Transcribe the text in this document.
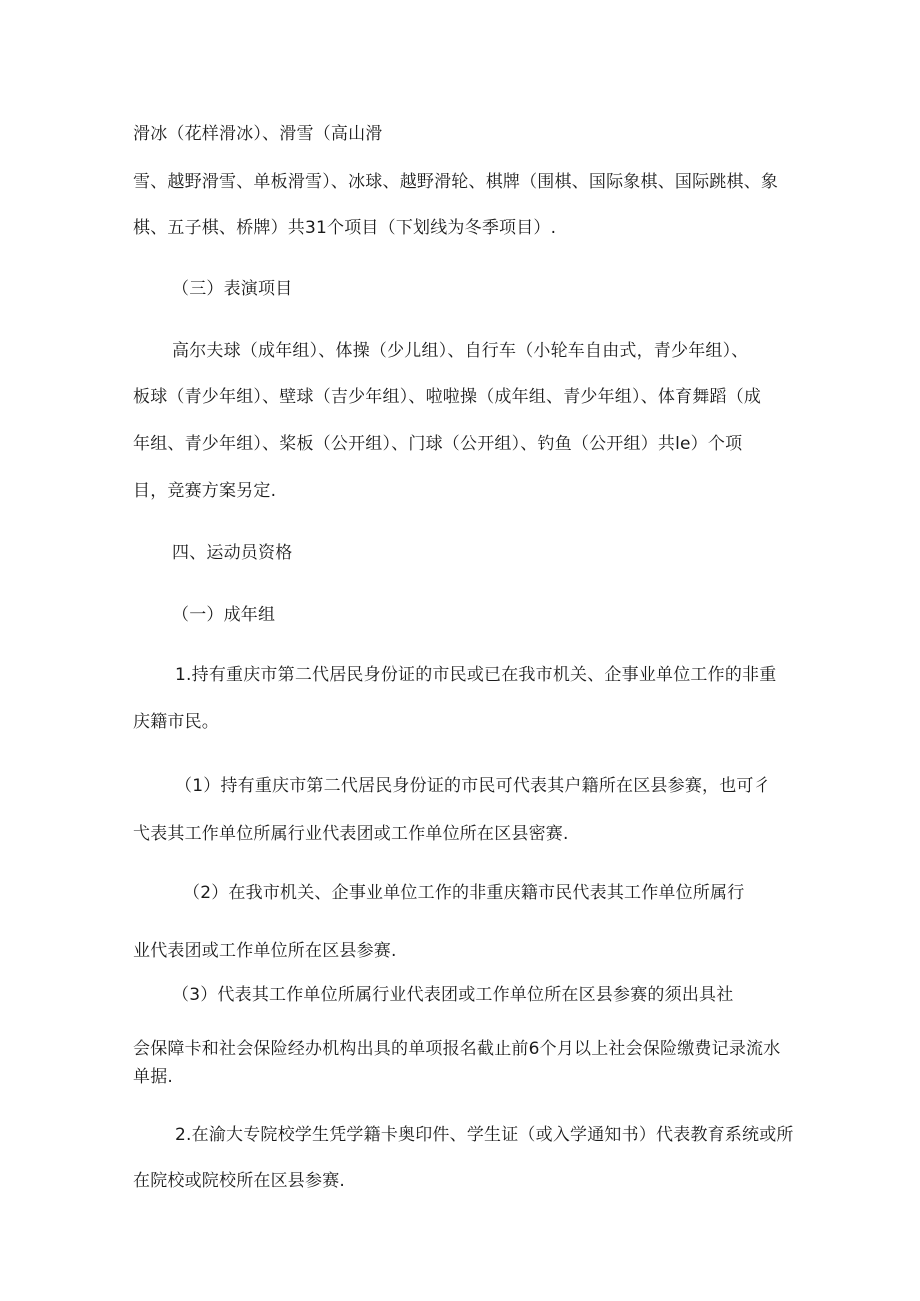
滑冰（花样滑冰）、滑雪（高山滑
雪、越野滑雪、单板滑雪）、冰球、越野滑轮、棋牌（围棋、国际象棋、国际跳棋、象
棋、五子棋、桥牌）共31个项目（下划线为冬季项目）.
（三）表演项目
高尔夫球（成年组）、体操（少儿组）、自行车（小轮车自由式，青少年组）、
板球（青少年组）、壁球（吉少年组）、啦啦操（成年组、青少年组）、体育舞蹈（成
年组、青少年组）、桨板（公开组）、门球（公开组）、钓鱼（公开组）共le）个项
目，竞赛方案另定.
四、运动员资格
（一）成年组
1.持有重庆市第二代居民身份证的市民或已在我市机关、企事业单位工作的非重
庆籍市民。
（1）持有重庆市第二代居民身份证的市民可代表其户籍所在区县参赛，也可彳
弋表其工作单位所属行业代表团或工作单位所在区县密赛.
（2）在我市机关、企事业单位工作的非重庆籍市民代表其工作单位所属行
业代表团或工作单位所在区县参赛.
（3）代表其工作单位所属行业代表团或工作单位所在区县参赛的须出具社
会保障卡和社会保险经办机构出具的单项报名截止前6个月以上社会保险缴费记录流水
单据.
2.在渝大专院校学生凭学籍卡奥印件、学生证（或入学通知书）代表教育系统或所
在院校或院校所在区县参赛.
